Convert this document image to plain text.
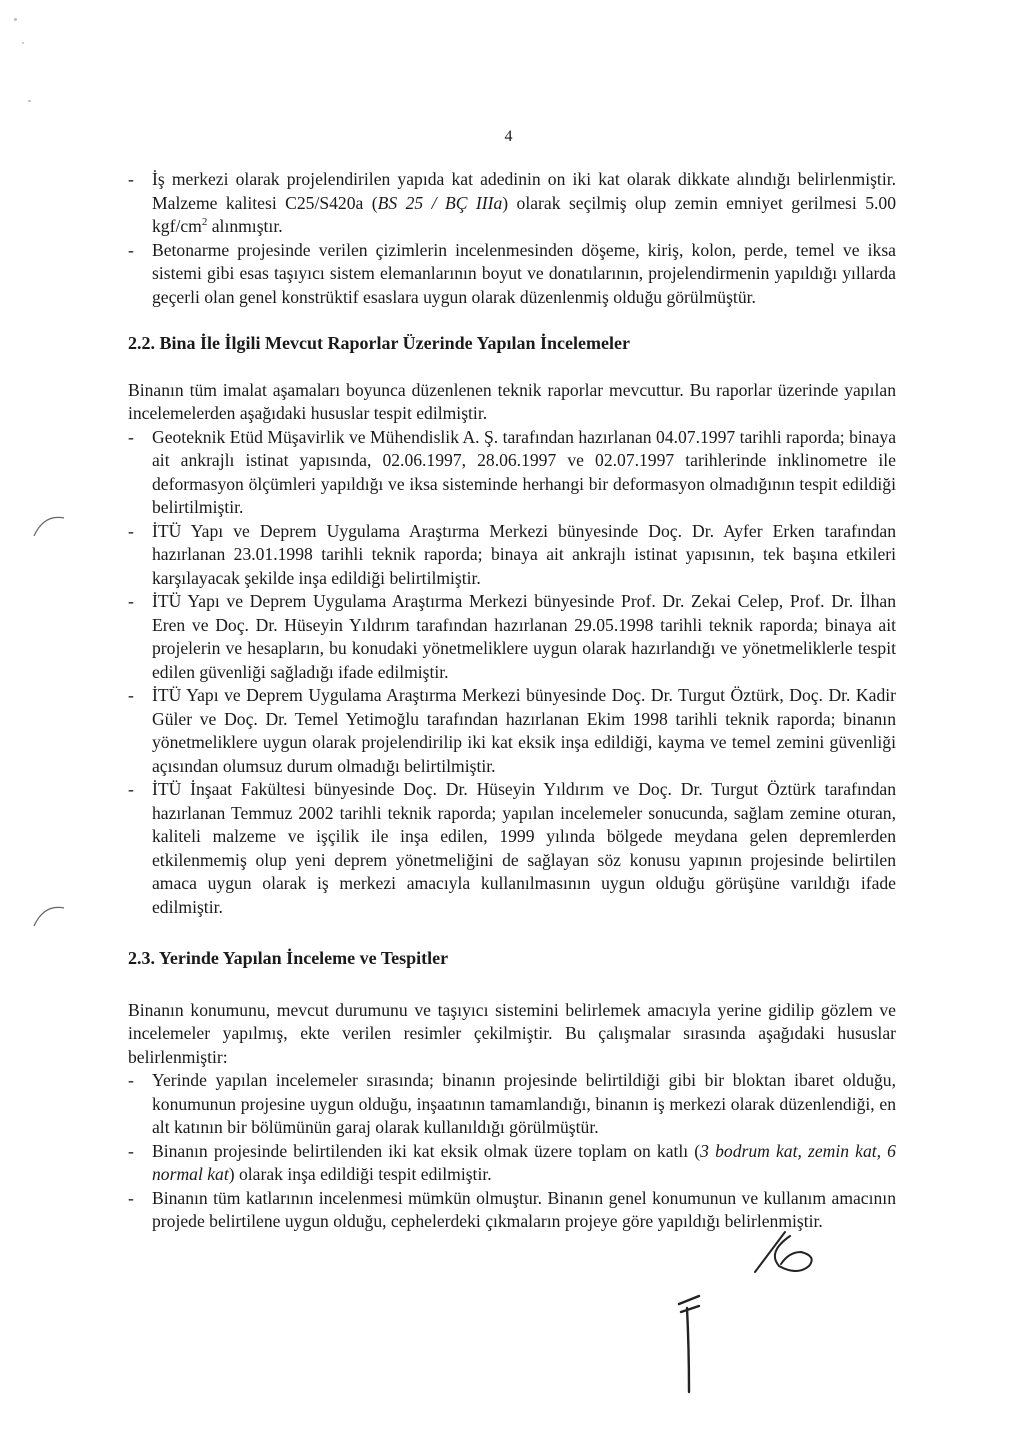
4
- İş merkezi olarak projelendirilen yapıda kat adedinin on iki kat olarak dikkate alındığı belirlenmiştir. Malzeme kalitesi C25/S420a (BS 25 / BÇ IIIa) olarak seçilmiş olup zemin emniyet gerilmesi 5.00 kgf/$cm^2$ alınmıştır.
- Betonarme projesinde verilen çizimlerin incelenmesinden döşeme, kiriş, kolon, perde, temel ve iksa sistemi gibi esas taşıyıcı sistem elemanlarının boyut ve donatılarının, projelendirmenin yapıldığı yıllarda geçerli olan genel konstrüktif esaslara uygun olarak düzenlenmiş olduğu görülmüştür.
2.2. Bina İle İlgili Mevcut Raporlar Üzerinde Yapılan İncelemeler

Binanın tüm imalat aşamaları boyunca düzenlenen teknik raporlar mevcuttur. Bu raporlar üzerinde yapılan incelemelerden aşağıdaki hususlar tespit edilmiştir.

- Geoteknik Etüd Müşavirlik ve Mühendislik A. Ş. tarafından hazırlanan 04.07.1997 tarihli raporda; binaya ait ankrajlı istinat yapısında, 02.06.1997, 28.06.1997 ve 02.07.1997 tarihlerinde inklinometre ile deformasyon ölçümleri yapıldığı ve iksa sisteminde herhangi bir deformasyon olmadığının tespit edildiği belirtilmiştir.
- İTÜ Yapı ve Deprem Uygulama Araştırma Merkezi bünyesinde Doç. Dr. Ayfer Erken tarafından hazırlanan 23.01.1998 tarihli teknik raporda; binaya ait ankrajlı istinat yapısının, tek başına etkileri karşılayacak şekilde inşa edildiği belirtilmiştir.
- İTÜ Yapı ve Deprem Uygulama Araştırma Merkezi bünyesinde Prof. Dr. Zekai Celep, Prof. Dr. İlhan Eren ve Doç. Dr. Hüseyin Yıldırım tarafından hazırlanan 29.05.1998 tarihli teknik raporda; binaya ait projelerin ve hesapların, bu konudaki yönetmeliklere uygun olarak hazırlandığı ve yönetmeliklerle tespit edilen güvenliği sağladığı ifade edilmiştir.
- İTÜ Yapı ve Deprem Uygulama Araştırma Merkezi bünyesinde Doç. Dr. Turgut Öztürk, Doç. Dr. Kadir Güler ve Doç. Dr. Temel Yetimoğlu tarafından hazırlanan Ekim 1998 tarihli teknik raporda; binanın yönetmeliklere uygun olarak projelendirilip iki kat eksik inşa edildiği, kayma ve temel zemini güvenliği açısından olumsuz durum olmadığı belirtilmiştir.
- İTÜ İnşaat Fakültesi bünyesinde Doç. Dr. Hüseyin Yıldırım ve Doç. Dr. Turgut Öztürk tarafından hazırlanan Temmuz 2002 tarihli teknik raporda; yapılan incelemeler sonucunda, sağlam zemine oturan, kaliteli malzeme ve işçilik ile inşa edilen, 1999 yılında bölgede meydana gelen depremlerden etkilenmemiş olup yeni deprem yönetmeliğini de sağlayan söz konusu yapının projesinde belirtilen amaca uygun olarak iş merkezi amacıyla kullanılmasının uygun olduğu görüşüne varıldığı ifade edilmiştir.
2.3. Yerinde Yapılan İnceleme ve Tespitler

Binanın konumunu, mevcut durumunu ve taşıyıcı sistemini belirlemek amacıyla yerine gidilip gözlem ve incelemeler yapılmış, ekte verilen resimler çekilmiştir. Bu çalışmalar sırasında aşağıdaki hususlar belirlenmiştir:

- Yerinde yapılan incelemeler sırasında; binanın projesinde belirtildiği gibi bir bloktan ibaret olduğu, konumunun projesine uygun olduğu, inşaatının tamamlandığı, binanın iş merkezi olarak düzenlendiği, en alt katının bir bölümünün garaj olarak kullanıldığı görülmüştür.
- Binanın projesinde belirtilenden iki kat eksik olmak üzere toplam on katlı (3 bodrum kat, zemin kat, 6 normal kat) olarak inşa edildiği tespit edilmiştir.
- Binanın tüm katlarının incelenmesi mümkün olmuştur. Binanın genel konumunun ve kullanım amacının projede belirtilene uygun olduğu, cephelerdeki çıkmaların projeye göre yapıldığı belirlenmiştir.
